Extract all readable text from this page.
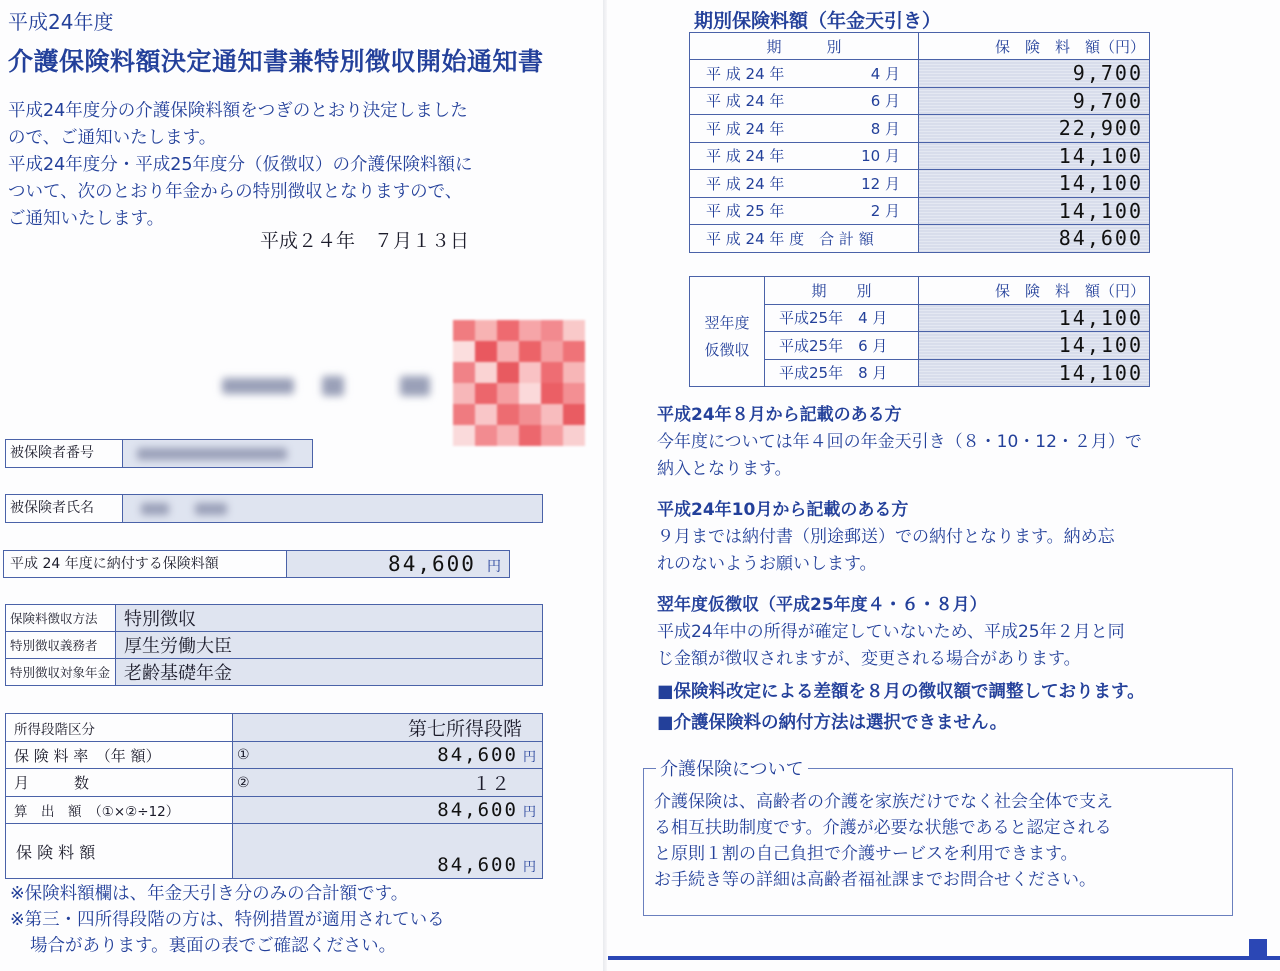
平成24年度
介護保険料額決定通知書兼特別徴収開始通知書
平成24年度分の介護保険料額をつぎのとおり決定しました
ので、ご通知いたします。
平成24年度分・平成25年度分（仮徴収）の介護保険料額に
ついて、次のとおり年金からの特別徴収となりますので、
ご通知いたします。
平成２４年　７月１３日
被保険者番号
被保険者氏名
平成 24 年度に納付する保険料額	84,600 円
保険料徴収方法	特別徴収
特別徴収義務者	厚生労働大臣
特別徴収対象年金	老齢基礎年金
所得段階区分	第七所得段階	
保 険 料 率　（年 額）	①	84,600 円
月　　　数	②	１２
算　出　額　（①×②÷12）		84,600 円
保 険 料 額		84,600 円
※保険料額欄は、年金天引き分のみの合計額です。
※第三・四所得段階の方は、特例措置が適用されている
場合があります。裏面の表でご確認ください。
期別保険料額（年金天引き）
期　　　別	保　険　料　額（円）
平 成 24 年 4 月	9,700
平 成 24 年 6 月	9,700
平 成 24 年 8 月	22,900
平 成 24 年 10 月	14,100
平 成 24 年 12 月	14,100
平 成 25 年 2 月	14,100
平 成 24 年 度　合 計 額	84,600
翌年度
仮徴収	期　　別	保　険　料　額（円）
	平成25年　4 月	14,100
	平成25年　6 月	14,100
	平成25年　8 月	14,100
平成24年８月から記載のある方
今年度については年４回の年金天引き（８・10・12・２月）で
納入となります。
平成24年10月から記載のある方
９月までは納付書（別途郵送）での納付となります。納め忘
れのないようお願いします。
翌年度仮徴収（平成25年度４・６・８月）
平成24年中の所得が確定していないため、平成25年２月と同
じ金額が徴収されますが、変更される場合があります。
■保険料改定による差額を８月の徴収額で調整しております。
■介護保険料の納付方法は選択できません。
介護保険について
介護保険は、高齢者の介護を家族だけでなく社会全体で支え
る相互扶助制度です。介護が必要な状態であると認定される
と原則１割の自己負担で介護サービスを利用できます。
お手続き等の詳細は高齢者福祉課までお問合せください。
